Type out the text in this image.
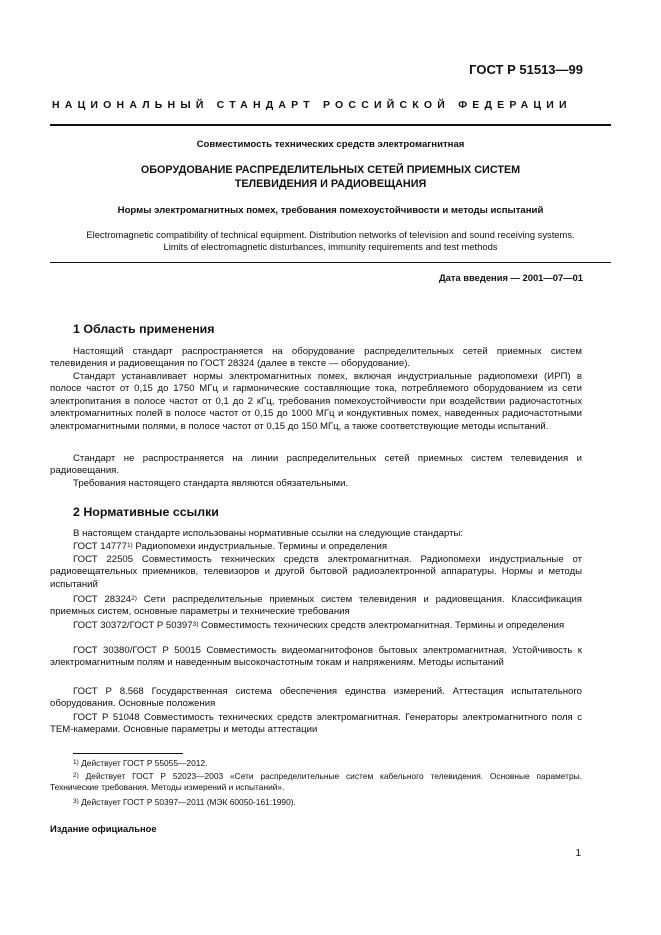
ГОСТ Р 51513—99
НАЦИОНАЛЬНЫЙ СТАНДАРТ РОССИЙСКОЙ ФЕДЕРАЦИИ
Совместимость технических средств электромагнитная
ОБОРУДОВАНИЕ РАСПРЕДЕЛИТЕЛЬНЫХ СЕТЕЙ ПРИЕМНЫХ СИСТЕМ
ТЕЛЕВИДЕНИЯ И РАДИОВЕЩАНИЯ
Нормы электромагнитных помех, требования помехоустойчивости и методы испытаний
Electromagnetic compatibility of technical equipment. Distribution networks of television and sound receiving systems.
Limits of electromagnetic disturbances, immunity requirements and test methods
Дата введения — 2001—07—01
1 Область применения
Настоящий стандарт распространяется на оборудование распределительных сетей приемных систем телевидения и радиовещания по ГОСТ 28324 (далее в тексте — оборудование).
Стандарт устанавливает нормы электромагнитных помех, включая индустриальные радиопомехи (ИРП) в полосе частот от 0,15 до 1750 МГц и гармонические составляющие тока, потребляемого оборудованием из сети электропитания в полосе частот от 0,1 до 2 кГц, требования помехоустойчивости при воздействии радиочастотных электромагнитных полей в полосе частот от 0,15 до 1000 МГц и кондуктивных помех, наведенных радиочастотными электромагнитными полями, в полосе частот от 0,15 до 150 МГц, а также соответствующие методы испытаний.
Стандарт не распространяется на линии распределительных сетей приемных систем телевидения и радиовещания.
Требования настоящего стандарта являются обязательными.
2 Нормативные ссылки
В настоящем стандарте использованы нормативные ссылки на следующие стандарты:
ГОСТ 14777$^{1)}$ Радиопомехи индустриальные. Термины и определения
ГОСТ 22505 Совместимость технических средств электромагнитная. Радиопомехи индустриальные от радиовещательных приемников, телевизоров и другой бытовой радиоэлектронной аппаратуры. Нормы и методы испытаний
ГОСТ 28324$^{2)}$ Сети распределительные приемных систем телевидения и радиовещания. Классификация приемных систем, основные параметры и технические требования
ГОСТ 30372/ГОСТ Р 50397$^{3)}$ Совместимость технических средств электромагнитная. Термины и определения
ГОСТ 30380/ГОСТ Р 50015 Совместимость видеомагнитофонов бытовых электромагнитная. Устойчивость к электромагнитным полям и наведенным высокочастотным токам и напряжениям. Методы испытаний
ГОСТ Р 8.568 Государственная система обеспечения единства измерений. Аттестация испытательного оборудования. Основные положения
ГОСТ Р 51048 Совместимость технических средств электромагнитная. Генераторы электромагнитного поля с ТЕМ-камерами. Основные параметры и методы аттестации
$^{1)}$ Действует ГОСТ Р 55055—2012.
$^{2)}$ Действует ГОСТ Р 52023—2003 «Сети распределительные систем кабельного телевидения. Основные параметры. Технические требования. Методы измерений и испытаний».
$^{3)}$ Действует ГОСТ Р 50397—2011 (МЭК 60050-161:1990).
Издание официальное
1
